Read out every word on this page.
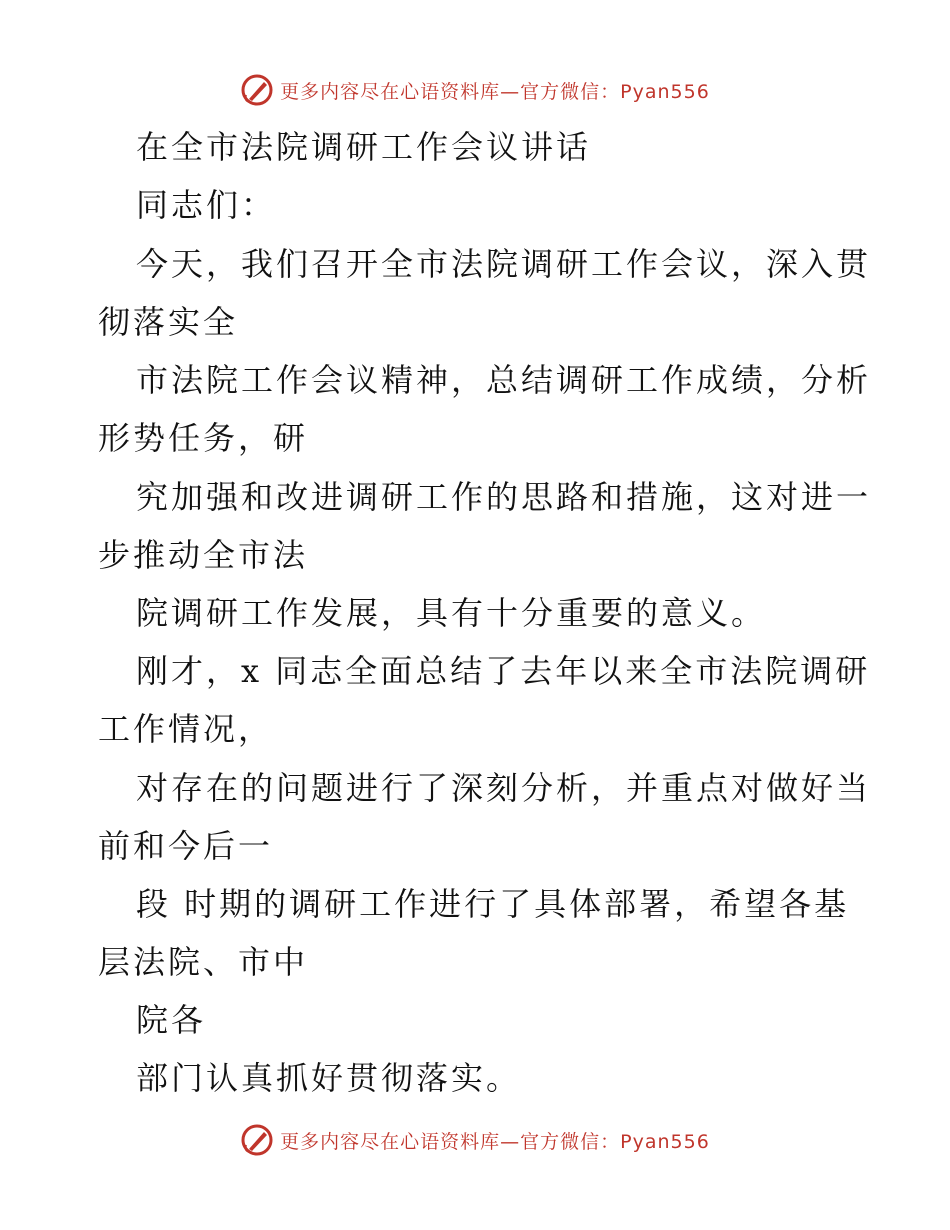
更多内容尽在心语资料库—官方微信：Pyan556
在全市法院调研工作会议讲话
同志们：
今天，我们召开全市法院调研工作会议，深入贯
彻落实全
市法院工作会议精神，总结调研工作成绩，分析
形势任务，研
究加强和改进调研工作的思路和措施，这对进一
步推动全市法
院调研工作发展，具有十分重要的意义。
刚才，x 同志全面总结了去年以来全市法院调研
工作情况，
对存在的问题进行了深刻分析，并重点对做好当
前和今后一
段 时期的调研工作进行了具体部署，希望各基
层法院、市中
院各
部门认真抓好贯彻落实。
更多内容尽在心语资料库—官方微信：Pyan556
